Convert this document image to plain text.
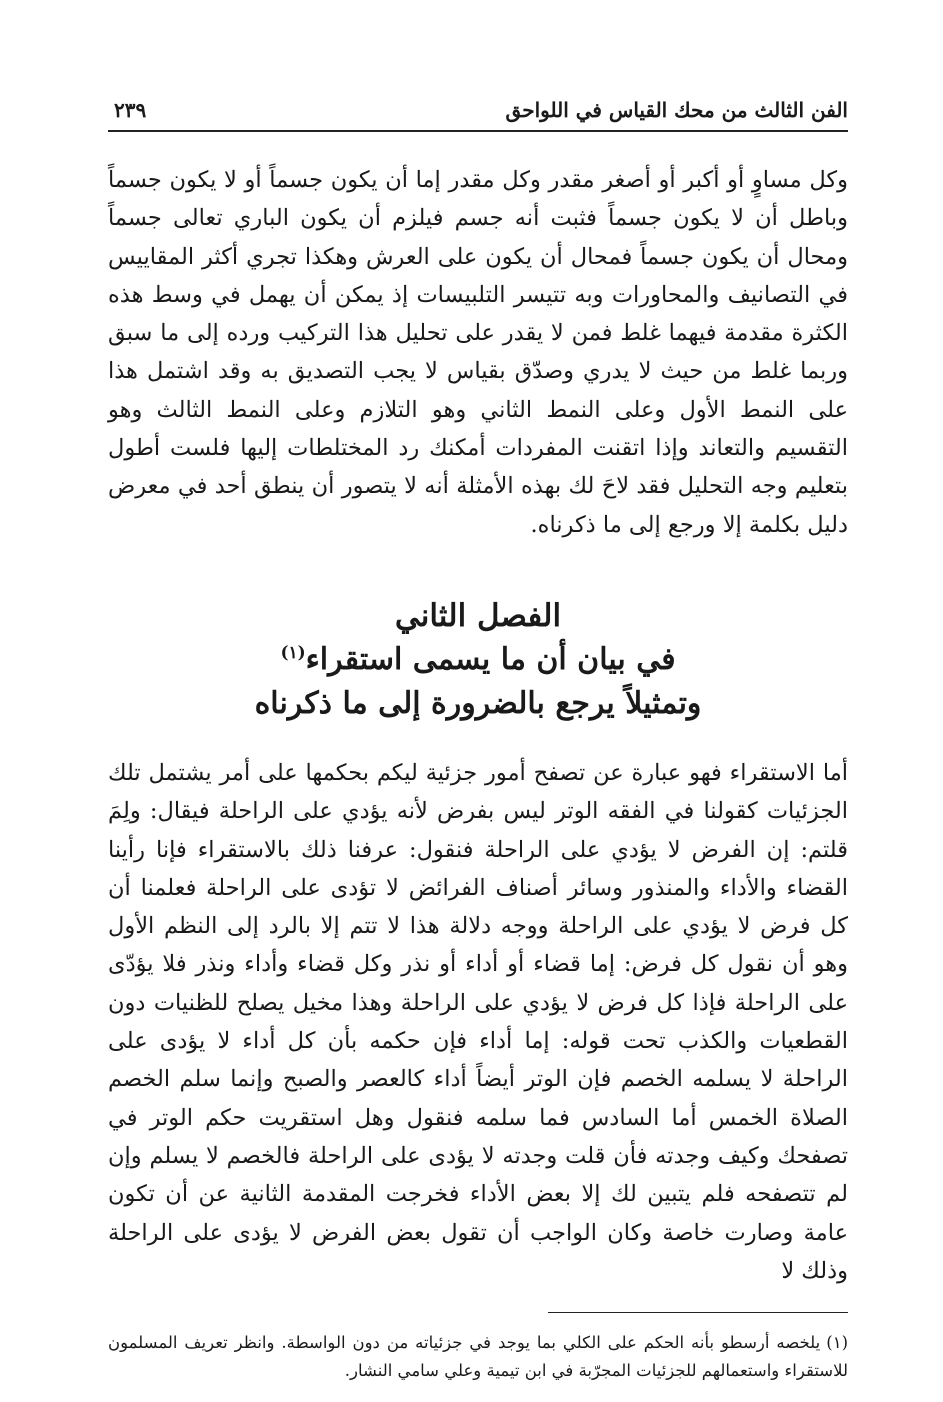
الفن الثالث من محك القياس في اللواحق
٢٣٩

وكل مساوٍ أو أكبر أو أصغر مقدر وكل مقدر إما أن يكون جسماً أو لا يكون جسماً وباطل أن لا يكون جسماً فثبت أنه جسم فيلزم أن يكون الباري تعالى جسماً ومحال أن يكون جسماً فمحال أن يكون على العرش وهكذا تجري أكثر المقاييس في التصانيف والمحاورات وبه تتيسر التلبيسات إذ يمكن أن يهمل في وسط هذه الكثرة مقدمة فيهما غلط فمن لا يقدر على تحليل هذا التركيب ورده إلى ما سبق وربما غلط من حيث لا يدري وصدّق بقياس لا يجب التصديق به وقد اشتمل هذا على النمط الأول وعلى النمط الثاني وهو التلازم وعلى النمط الثالث وهو التقسيم والتعاند وإذا اتقنت المفردات أمكنك رد المختلطات إليها فلست أطول بتعليم وجه التحليل فقد لاحَ لك بهذه الأمثلة أنه لا يتصور أن ينطق أحد في معرض دليل بكلمة إلا ورجع إلى ما ذكرناه.

الفصل الثاني
في بيان أن ما يسمى استقراء$^{(١)}$
وتمثيلاً يرجع بالضرورة إلى ما ذكرناه

أما الاستقراء فهو عبارة عن تصفح أمور جزئية ليكم بحكمها على أمر يشتمل تلك الجزئيات كقولنا في الفقه الوتر ليس بفرض لأنه يؤدي على الراحلة فيقال: ولِمَ قلتم: إن الفرض لا يؤدي على الراحلة فنقول: عرفنا ذلك بالاستقراء فإنا رأينا القضاء والأداء والمنذور وسائر أصناف الفرائض لا تؤدى على الراحلة فعلمنا أن كل فرض لا يؤدي على الراحلة ووجه دلالة هذا لا تتم إلا بالرد إلى النظم الأول وهو أن نقول كل فرض: إما قضاء أو أداء أو نذر وكل قضاء وأداء ونذر فلا يؤدّى على الراحلة فإذا كل فرض لا يؤدي على الراحلة وهذا مخيل يصلح للظنيات دون القطعيات والكذب تحت قوله: إما أداء فإن حكمه بأن كل أداء لا يؤدى على الراحلة لا يسلمه الخصم فإن الوتر أيضاً أداء كالعصر والصبح وإنما سلم الخصم الصلاة الخمس أما السادس فما سلمه فنقول وهل استقريت حكم الوتر في تصفحك وكيف وجدته فأن قلت وجدته لا يؤدى على الراحلة فالخصم لا يسلم وإن لم تتصفحه فلم يتبين لك إلا بعض الأداء فخرجت المقدمة الثانية عن أن تكون عامة وصارت خاصة وكان الواجب أن تقول بعض الفرض لا يؤدى على الراحلة وذلك لا

(١)يلخصه أرسطو بأنه الحكم على الكلي بما يوجد في جزئياته من دون الواسطة. وانظر تعريف المسلمون للاستقراء واستعمالهم للجزئيات المجرّبة في ابن تيمية وعلي سامي النشار.
